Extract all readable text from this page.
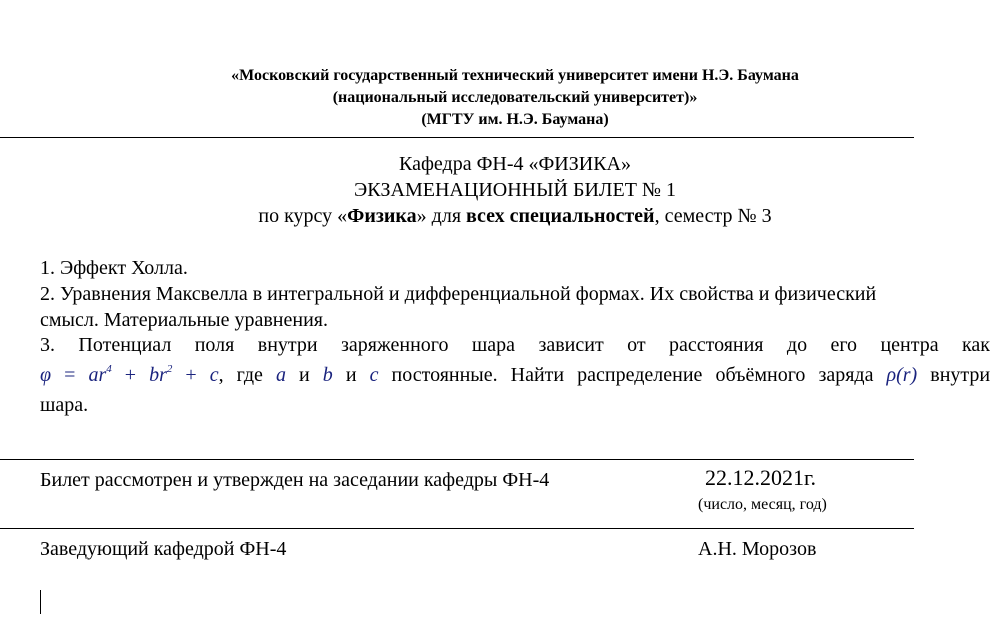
«Московский государственный технический университет имени Н.Э. Баумана
(национальный исследовательский университет)»
(МГТУ им. Н.Э. Баумана)
Кафедра ФН-4 «ФИЗИКА»
ЭКЗАМЕНАЦИОННЫЙ БИЛЕТ № 1
по курсу «Физика» для всех специальностей, семестр № 3
1. Эффект Холла.
2. Уравнения Максвелла в интегральной и дифференциальной формах. Их свойства и физический
смысл. Материальные уравнения.
3. Потенциал поля внутри заряженного шара зависит от расстояния до его центра как
$\varphi = ar^4 + br^2 + c$, где a и b и c постоянные. Найти распределение объёмного заряда ρ(r) внутри
шара.
Билет рассмотрен и утвержден на заседании кафедры ФН-4	22.12.2021г.
(число, месяц, год)
Заведующий кафедрой ФН-4	А.Н. Морозов
